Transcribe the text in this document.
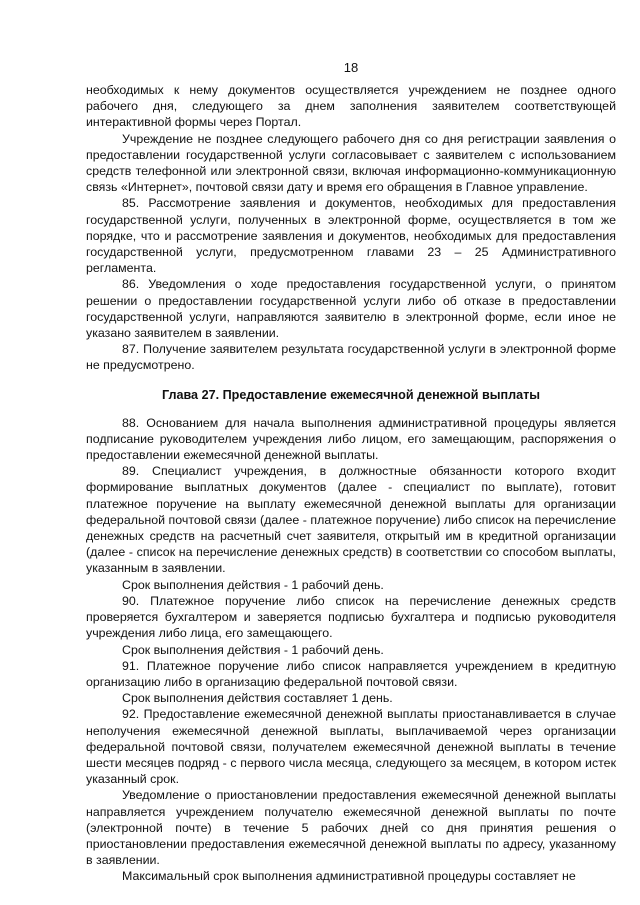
18

необходимых к нему документов осуществляется учреждением не позднее одного рабочего дня, следующего за днем заполнения заявителем соответствующей интерактивной формы через Портал.

Учреждение не позднее следующего рабочего дня со дня регистрации заявления о предоставлении государственной услуги согласовывает с заявителем с использованием средств телефонной или электронной связи, включая информационно-коммуникационную связь «Интернет», почтовой связи дату и время его обращения в Главное управление.

85. Рассмотрение заявления и документов, необходимых для предоставления государственной услуги, полученных в электронной форме, осуществляется в том же порядке, что и рассмотрение заявления и документов, необходимых для предоставления государственной услуги, предусмотренном главами 23 – 25 Административного регламента.

86. Уведомления о ходе предоставления государственной услуги, о принятом решении о предоставлении государственной услуги либо об отказе в предоставлении государственной услуги, направляются заявителю в электронной форме, если иное не указано заявителем в заявлении.

87. Получение заявителем результата государственной услуги в электронной форме не предусмотрено.

Глава 27. Предоставление ежемесячной денежной выплаты

88. Основанием для начала выполнения административной процедуры является подписание руководителем учреждения либо лицом, его замещающим, распоряжения о предоставлении ежемесячной денежной выплаты.

89. Специалист учреждения, в должностные обязанности которого входит формирование выплатных документов (далее - специалист по выплате), готовит платежное поручение на выплату ежемесячной денежной выплаты для организации федеральной почтовой связи (далее - платежное поручение) либо список на перечисление денежных средств на расчетный счет заявителя, открытый им в кредитной организации (далее - список на перечисление денежных средств) в соответствии со способом выплаты, указанным в заявлении.

Срок выполнения действия - 1 рабочий день.

90. Платежное поручение либо список на перечисление денежных средств проверяется бухгалтером и заверяется подписью бухгалтера и подписью руководителя учреждения либо лица, его замещающего.

Срок выполнения действия - 1 рабочий день.

91. Платежное поручение либо список направляется учреждением в кредитную организацию либо в организацию федеральной почтовой связи.

Срок выполнения действия составляет 1 день.

92. Предоставление ежемесячной денежной выплаты приостанавливается в случае неполучения ежемесячной денежной выплаты, выплачиваемой через организации федеральной почтовой связи, получателем ежемесячной денежной выплаты в течение шести месяцев подряд - с первого числа месяца, следующего за месяцем, в котором истек указанный срок.

Уведомление о приостановлении предоставления ежемесячной денежной выплаты направляется учреждением получателю ежемесячной денежной выплаты по почте (электронной почте) в течение 5 рабочих дней со дня принятия решения о приостановлении предоставления ежемесячной денежной выплаты по адресу, указанному в заявлении.

Максимальный срок выполнения административной процедуры составляет не
